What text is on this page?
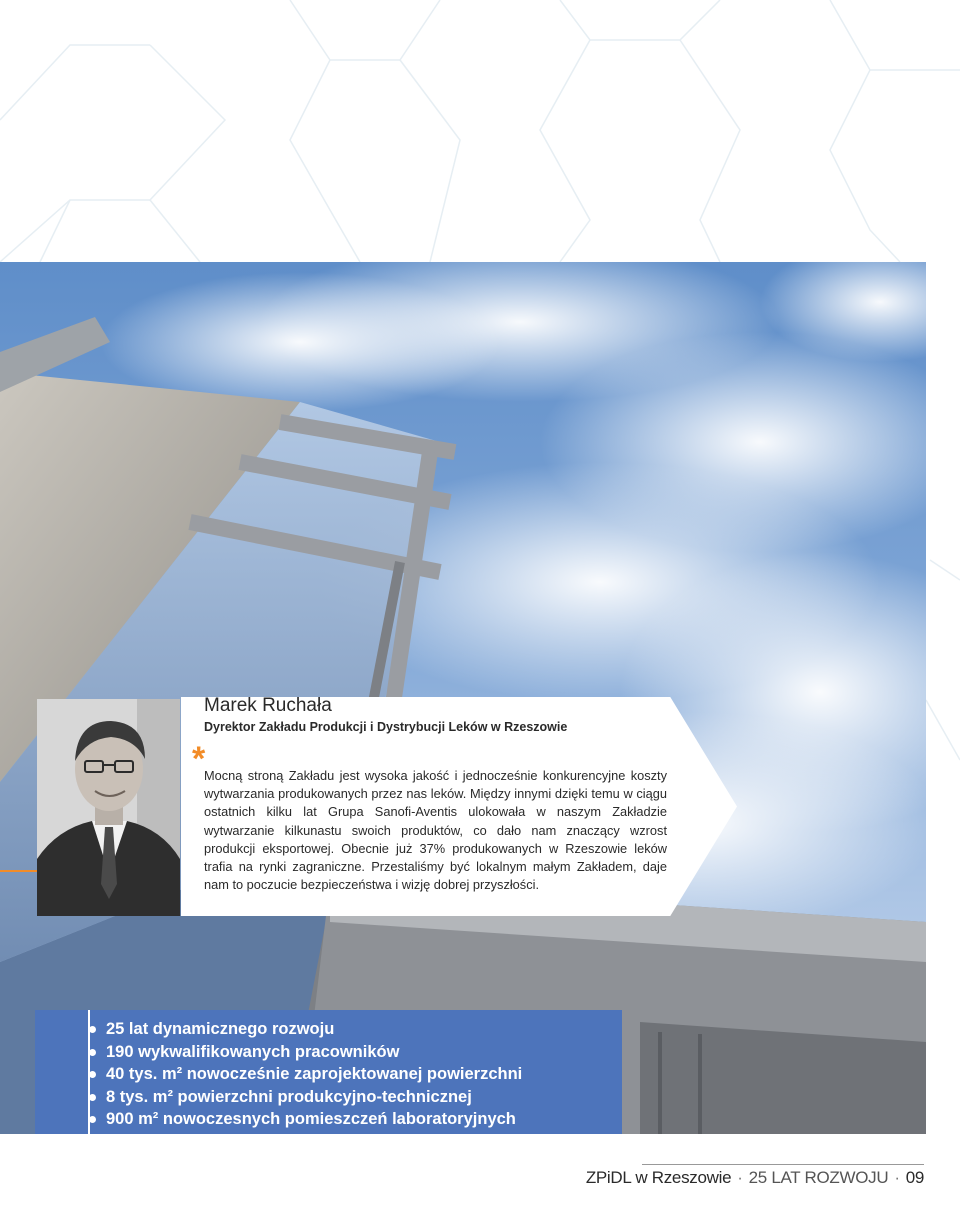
Marek Ruchała
Dyrektor Zakładu Produkcji i Dystrybucji Leków w Rzeszowie
*
Mocną stroną Zakładu jest wysoka jakość i jednocześnie konkurencyjne koszty wytwarzania produkowanych przez nas leków. Między innymi dzięki temu w ciągu ostatnich kilku lat Grupa Sanofi-Aventis ulokowała w naszym Zakładzie wytwarzanie kilkunastu swoich produktów, co dało nam znaczący wzrost produkcji eksportowej. Obecnie już 37% produkowanych w Rzeszowie leków trafia na rynki zagraniczne. Przestaliśmy być lokalnym małym Zakładem, daje nam to poczucie bezpieczeństwa i wizję dobrej przyszłości.
25 lat dynamicznego rozwoju
190 wykwalifikowanych pracowników
40 tys. m² nowocześnie zaprojektowanej powierzchni
8 tys. m² powierzchni produkcyjno-technicznej
900 m² nowoczesnych pomieszczeń laboratoryjnych
ZPiDL w Rzeszowie · 25 LAT ROZWOJU · 09
